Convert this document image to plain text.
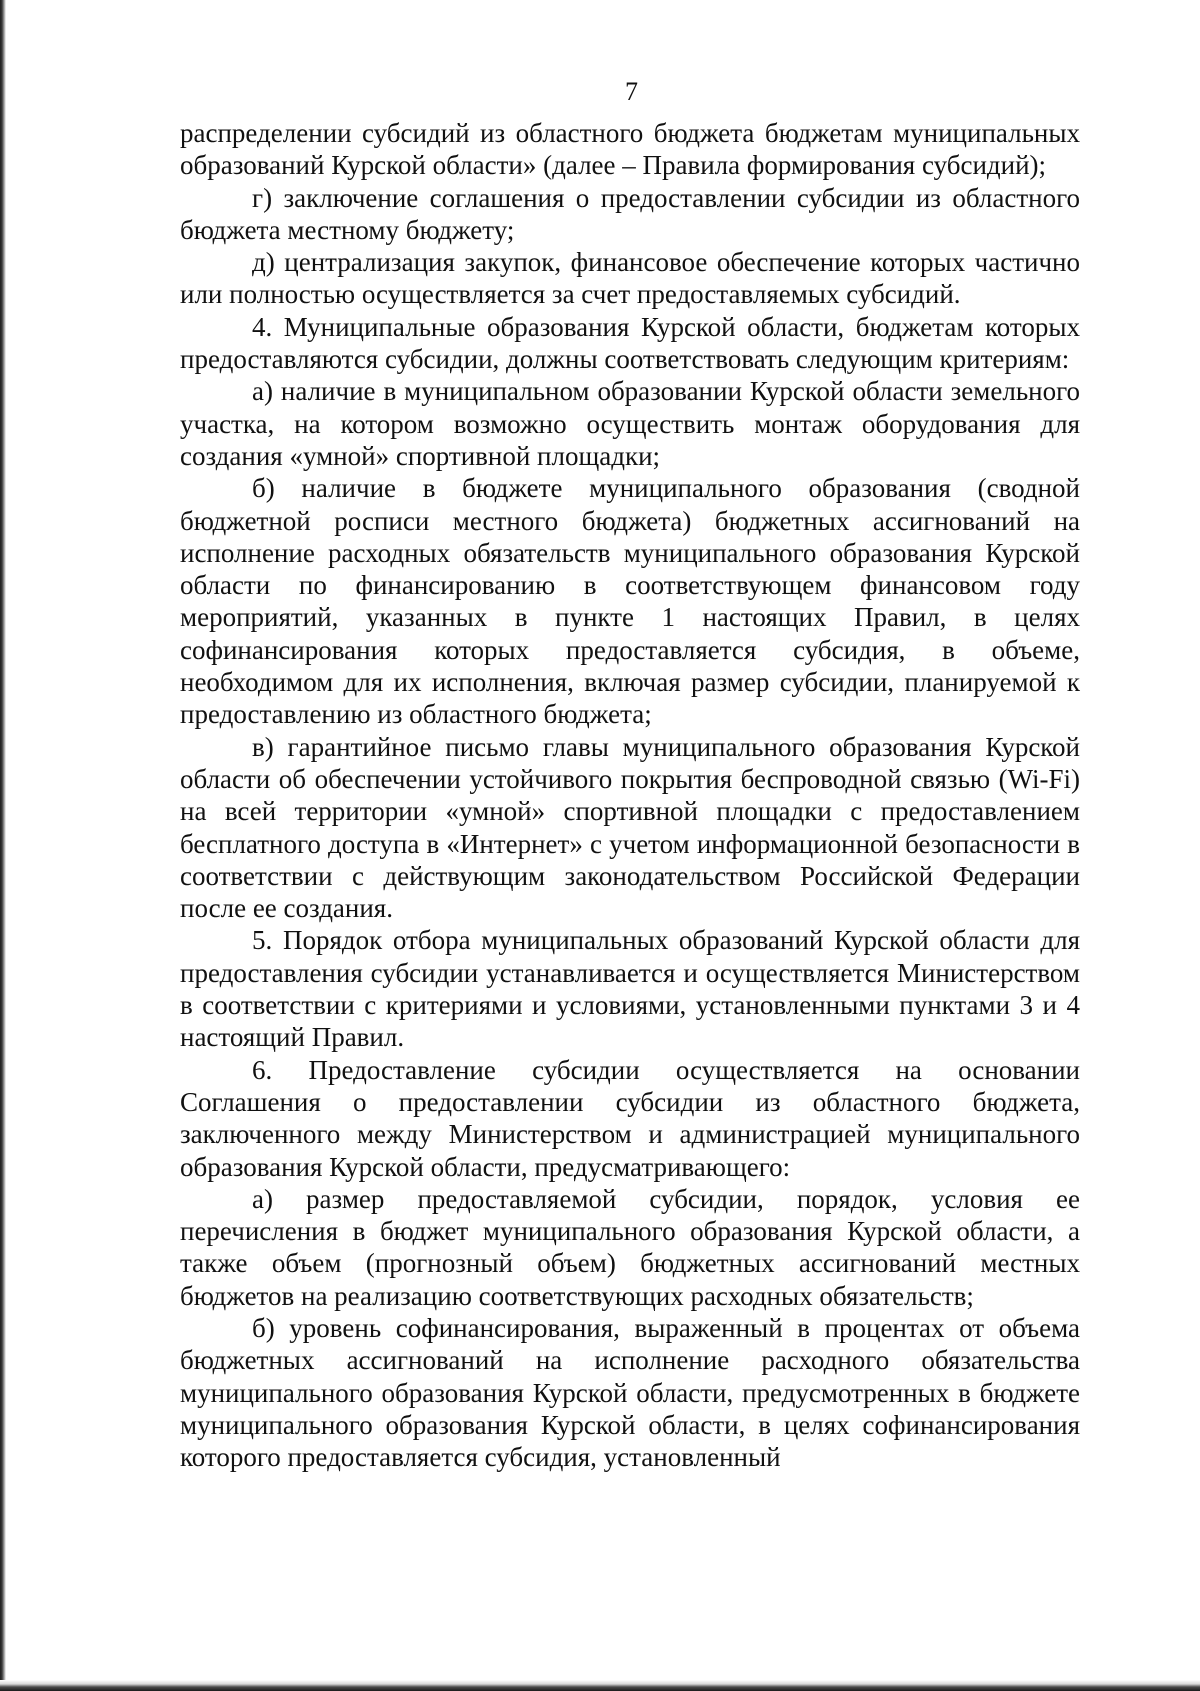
7

распределении субсидий из областного бюджета бюджетам муниципальных образований Курской области» (далее – Правила формирования субсидий);

г) заключение соглашения о предоставлении субсидии из областного бюджета местному бюджету;

д) централизация закупок, финансовое обеспечение которых частично или полностью осуществляется за счет предоставляемых субсидий.

4. Муниципальные образования Курской области, бюджетам которых предоставляются субсидии, должны соответствовать следующим критериям:

а) наличие в муниципальном образовании Курской области земельного участка, на котором возможно осуществить монтаж оборудования для создания «умной» спортивной площадки;

б) наличие в бюджете муниципального образования (сводной бюджетной росписи местного бюджета) бюджетных ассигнований на исполнение расходных обязательств муниципального образования Курской области по финансированию в соответствующем финансовом году мероприятий, указанных в пункте 1 настоящих Правил, в целях софинансирования которых предоставляется субсидия, в объеме, необходимом для их исполнения, включая размер субсидии, планируемой к предоставлению из областного бюджета;

в) гарантийное письмо главы муниципального образования Курской области об обеспечении устойчивого покрытия беспроводной связью (Wi-Fi) на всей территории «умной» спортивной площадки с предоставлением бесплатного доступа в «Интернет» с учетом информационной безопасности в соответствии с действующим законодательством Российской Федерации после ее создания.

5. Порядок отбора муниципальных образований Курской области для предоставления субсидии устанавливается и осуществляется Министерством в соответствии с критериями и условиями, установленными пунктами 3 и 4 настоящий Правил.

6. Предоставление субсидии осуществляется на основании Соглашения о предоставлении субсидии из областного бюджета, заключенного между Министерством и администрацией муниципального образования Курской области, предусматривающего:

а) размер предоставляемой субсидии, порядок, условия ее перечисления в бюджет муниципального образования Курской области, а также объем (прогнозный объем) бюджетных ассигнований местных бюджетов на реализацию соответствующих расходных обязательств;

б) уровень софинансирования, выраженный в процентах от объема бюджетных ассигнований на исполнение расходного обязательства муниципального образования Курской области, предусмотренных в бюджете муниципального образования Курской области, в целях софинансирования которого предоставляется субсидия, установленный
